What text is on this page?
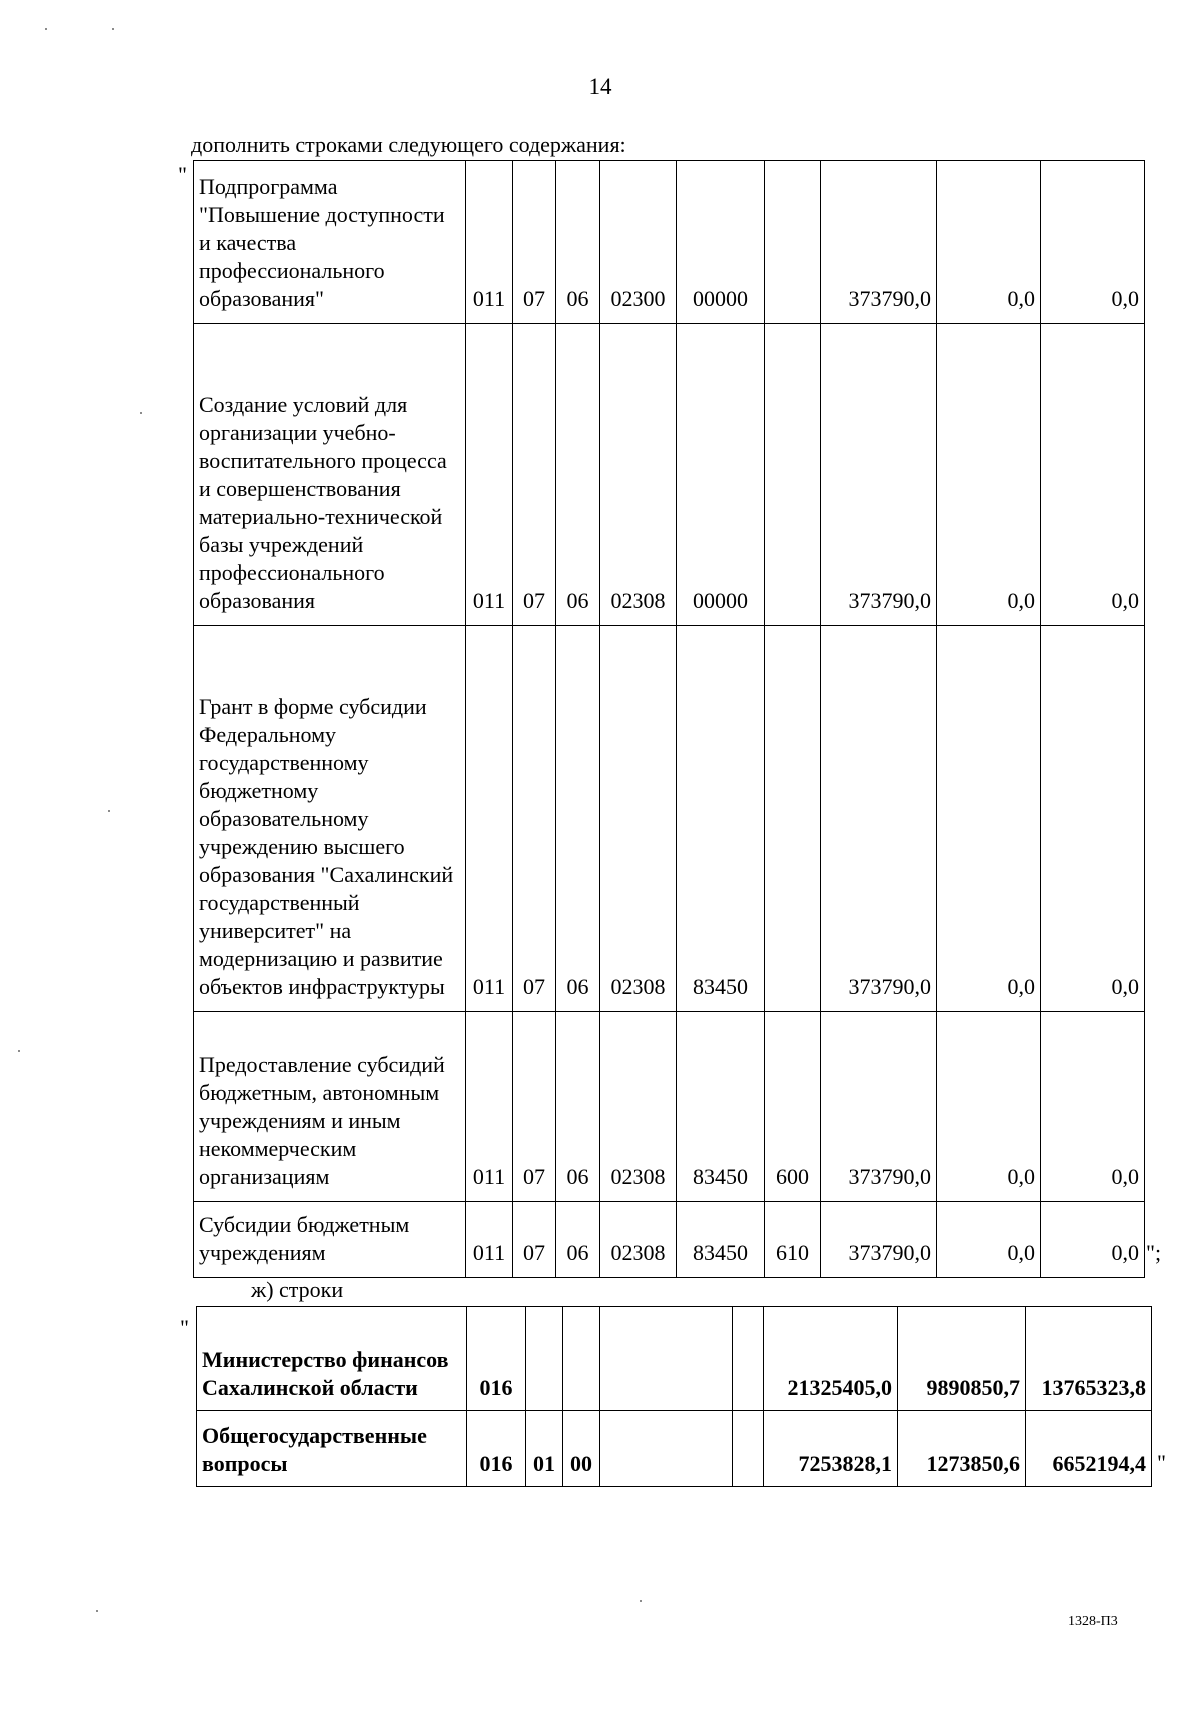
14
дополнить строками следующего содержания:
" Подпрограмма "Повышение доступности и качества профессионального образования"	011	07	06	02300	00000		373790,0	0,0	0,0
Создание условий для организации учебно-воспитательного процесса и совершенствования материально-технической базы учреждений профессионального образования	011	07	06	02308	00000		373790,0	0,0	0,0
Грант в форме субсидии Федеральному государственному бюджетному образовательному учреждению высшего образования "Сахалинский государственный университет" на модернизацию и развитие объектов инфраструктуры	011	07	06	02308	83450		373790,0	0,0	0,0
Предоставление субсидий бюджетным, автономным учреждениям и иным некоммерческим организациям	011	07	06	02308	83450	600	373790,0	0,0	0,0
Субсидии бюджетным учреждениям	011	07	06	02308	83450	610	373790,0	0,0	0,0 ";
ж) строки
"
Министерство финансов Сахалинской области	016					21325405,0	9890850,7	13765323,8
Общегосударственные вопросы	016	01	00			7253828,1	1273850,6	6652194,4 "
1328-П3
